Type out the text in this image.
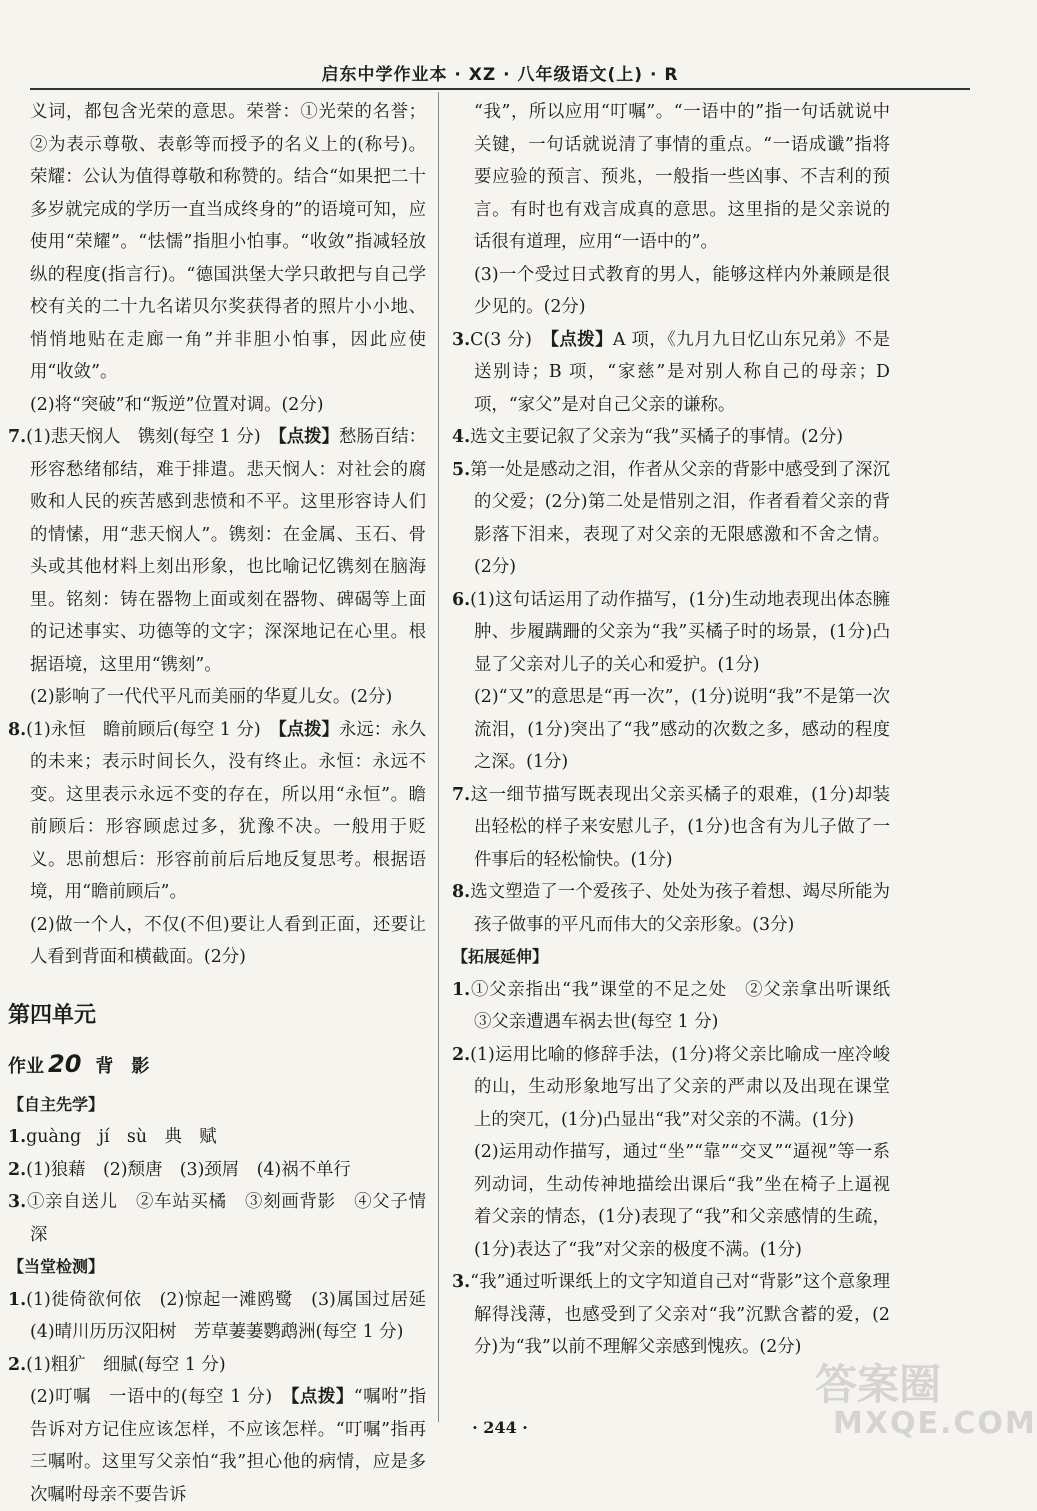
启东中学作业本 · XZ · 八年级语文(上) · R

义词，都包含光荣的意思。荣誉：①光荣的名誉；②为表示尊敬、表彰等而授予的名义上的(称号)。荣耀：公认为值得尊敬和称赞的。结合“如果把二十多岁就完成的学历一直当成终身的”的语境可知，应使用“荣耀”。“怯懦”指胆小怕事。“收敛”指减轻放纵的程度(指言行)。“德国洪堡大学只敢把与自己学校有关的二十九名诺贝尔奖获得者的照片小小地、悄悄地贴在走廊一角”并非胆小怕事，因此应使用“收敛”。

(2)将“突破”和“叛逆”位置对调。(2分)

7.(1)悲天悯人　镌刻(每空 1 分)　【点拨】愁肠百结：形容愁绪郁结，难于排遣。悲天悯人：对社会的腐败和人民的疾苦感到悲愤和不平。这里形容诗人们的情愫，用“悲天悯人”。镌刻：在金属、玉石、骨头或其他材料上刻出形象，也比喻记忆镌刻在脑海里。铭刻：铸在器物上面或刻在器物、碑碣等上面的记述事实、功德等的文字；深深地记在心里。根据语境，这里用“镌刻”。

(2)影响了一代代平凡而美丽的华夏儿女。(2分)

8.(1)永恒　瞻前顾后(每空 1 分)　【点拨】永远：永久的未来；表示时间长久，没有终止。永恒：永远不变。这里表示永远不变的存在，所以用“永恒”。瞻前顾后：形容顾虑过多，犹豫不决。一般用于贬义。思前想后：形容前前后后地反复思考。根据语境，用“瞻前顾后”。

(2)做一个人，不仅(不但)要让人看到正面，还要让人看到背面和横截面。(2分)

第四单元
作业 20 背影
【自主先学】

1.guàng　jí　sù　典　赋

2.(1)狼藉　(2)颓唐　(3)颈屑　(4)祸不单行

3.①亲自送儿　②车站买橘　③刻画背影　④父子情深

【当堂检测】

1.(1)徙倚欲何依　(2)惊起一滩鸥鹭　(3)属国过居延　(4)晴川历历汉阳树　芳草萋萋鹦鹉洲(每空 1 分)

2.(1)粗犷　细腻(每空 1 分)

(2)叮嘱　一语中的(每空 1 分)　【点拨】“嘱咐”指告诉对方记住应该怎样，不应该怎样。“叮嘱”指再三嘱咐。这里写父亲怕“我”担心他的病情，应是多次嘱咐母亲不要告诉

“我”，所以应用“叮嘱”。“一语中的”指一句话就说中关键，一句话就说清了事情的重点。“一语成谶”指将要应验的预言、预兆，一般指一些凶事、不吉利的预言。有时也有戏言成真的意思。这里指的是父亲说的话很有道理，应用“一语中的”。

(3)一个受过日式教育的男人，能够这样内外兼顾是很少见的。(2分)

3.C(3 分)　【点拨】A 项，《九月九日忆山东兄弟》不是送别诗；B 项，“家慈”是对别人称自己的母亲；D 项，“家父”是对自己父亲的谦称。

4.选文主要记叙了父亲为“我”买橘子的事情。(2分)

5.第一处是感动之泪，作者从父亲的背影中感受到了深沉的父爱；(2分)第二处是惜别之泪，作者看着父亲的背影落下泪来，表现了对父亲的无限感激和不舍之情。(2分)

6.(1)这句话运用了动作描写，(1分)生动地表现出体态臃肿、步履蹒跚的父亲为“我”买橘子时的场景，(1分)凸显了父亲对儿子的关心和爱护。(1分)

(2)“又”的意思是“再一次”，(1分)说明“我”不是第一次流泪，(1分)突出了“我”感动的次数之多，感动的程度之深。(1分)

7.这一细节描写既表现出父亲买橘子的艰难，(1分)却装出轻松的样子来安慰儿子，(1分)也含有为儿子做了一件事后的轻松愉快。(1分)

8.选文塑造了一个爱孩子、处处为孩子着想、竭尽所能为孩子做事的平凡而伟大的父亲形象。(3分)

【拓展延伸】

1.①父亲指出“我”课堂的不足之处　②父亲拿出听课纸　③父亲遭遇车祸去世(每空 1 分)

2.(1)运用比喻的修辞手法，(1分)将父亲比喻成一座冷峻的山，生动形象地写出了父亲的严肃以及出现在课堂上的突兀，(1分)凸显出“我”对父亲的不满。(1分)

(2)运用动作描写，通过“坐”“靠”“交叉”“逼视”等一系列动词，生动传神地描绘出课后“我”坐在椅子上逼视着父亲的情态，(1分)表现了“我”和父亲感情的生疏，(1分)表达了“我”对父亲的极度不满。(1分)

3.“我”通过听课纸上的文字知道自己对“背影”这个意象理解得浅薄，也感受到了父亲对“我”沉默含蓄的爱，(2分)为“我”以前不理解父亲感到愧疚。(2分)

· 244 ·
答案圈
MXQE.COM
